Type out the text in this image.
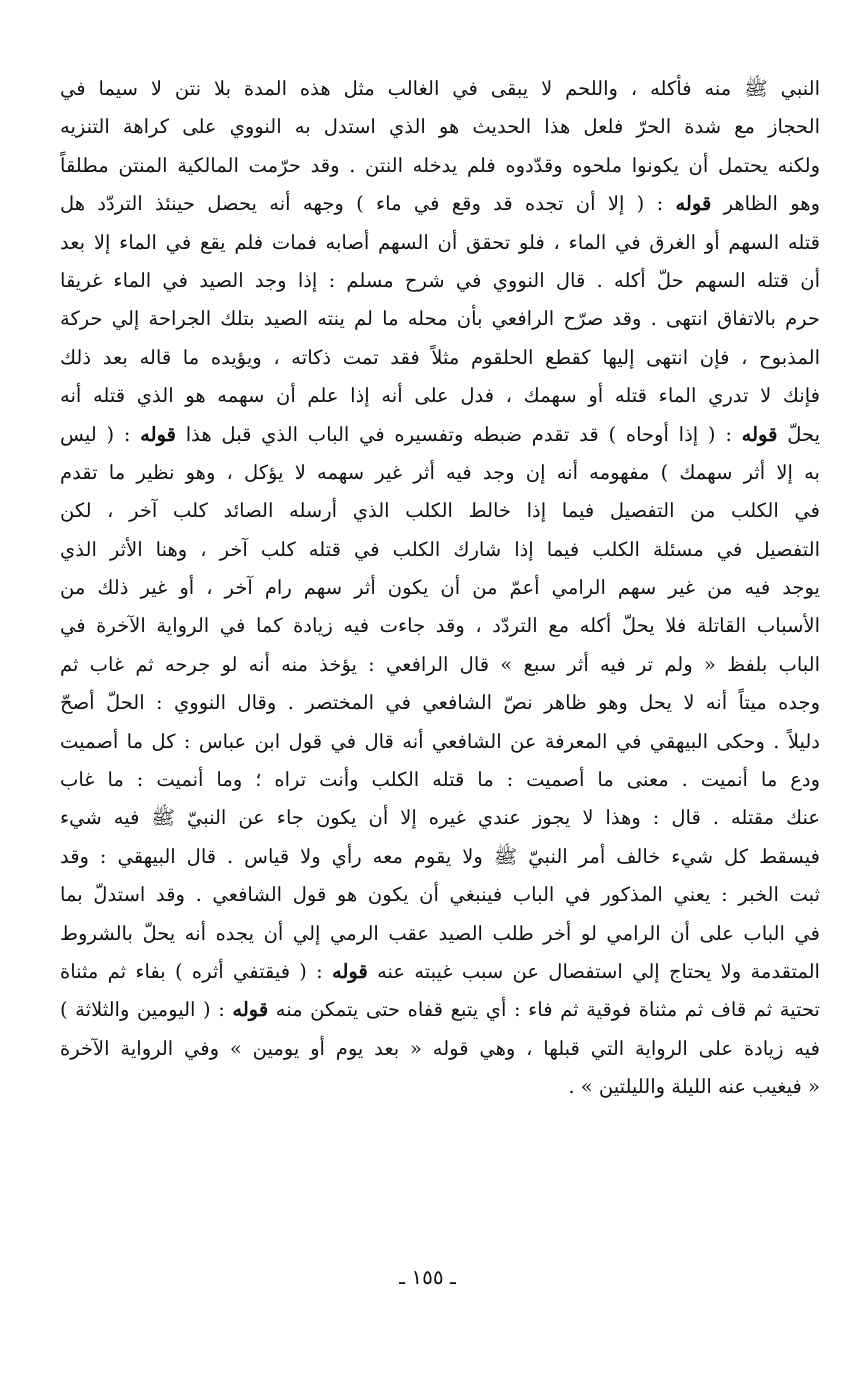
النبي ﷺ منه فأكله ، واللحم لا يبقى في الغالب مثل هذه المدة بلا نتن لا سيما في
الحجاز مع شدة الحرّ فلعل هذا الحديث هو الذي استدل به النووي على كراهة التنزيه
ولكنه يحتمل أن يكونوا ملحوه وقدّدوه فلم يدخله النتن . وقد حرّمت المالكية المنتن مطلقاً
وهو الظاهر قوله : ( إلا أن تجده قد وقع في ماء ) وجهه أنه يحصل حينئذ التردّد هل
قتله السهم أو الغرق في الماء ، فلو تحقق أن السهم أصابه فمات فلم يقع في الماء إلا بعد
أن قتله السهم حلّ أكله . قال النووي في شرح مسلم : إذا وجد الصيد في الماء غريقا
حرم بالاتفاق انتهى . وقد صرّح الرافعي بأن محله ما لم ينته الصيد بتلك الجراحة إلي حركة
المذبوح ، فإن انتهى إليها كقطع الحلقوم مثلاً فقد تمت ذكاته ، ويؤيده ما قاله بعد ذلك
فإنك لا تدري الماء قتله أو سهمك ، فدل على أنه إذا علم أن سهمه هو الذي قتله أنه
يحلّ قوله : ( إذا أوحاه ) قد تقدم ضبطه وتفسيره في الباب الذي قبل هذا قوله : ( ليس
به إلا أثر سهمك ) مفهومه أنه إن وجد فيه أثر غير سهمه لا يؤكل ، وهو نظير ما تقدم
في الكلب من التفصيل فيما إذا خالط الكلب الذي أرسله الصائد كلب آخر ، لكن
التفصيل في مسئلة الكلب فيما إذا شارك الكلب في قتله كلب آخر ، وهنا الأثر الذي
يوجد فيه من غير سهم الرامي أعمّ من أن يكون أثر سهم رام آخر ، أو غير ذلك من
الأسباب القاتلة فلا يحلّ أكله مع التردّد ، وقد جاءت فيه زيادة كما في الرواية الآخرة في
الباب بلفظ « ولم تر فيه أثر سبع » قال الرافعي : يؤخذ منه أنه لو جرحه ثم غاب ثم
وجده ميتاً أنه لا يحل وهو ظاهر نصّ الشافعي في المختصر . وقال النووي : الحلّ أصحّ
دليلاً . وحكى البيهقي في المعرفة عن الشافعي أنه قال في قول ابن عباس : كل ما أصميت
ودع ما أنميت . معنى ما أصميت : ما قتله الكلب وأنت تراه ؛ وما أنميت : ما غاب
عنك مقتله . قال : وهذا لا يجوز عندي غيره إلا أن يكون جاء عن النبيّ ﷺ فيه شيء
فيسقط كل شيء خالف أمر النبيّ ﷺ ولا يقوم معه رأي ولا قياس . قال البيهقي : وقد
ثبت الخبر : يعني المذكور في الباب فينبغي أن يكون هو قول الشافعي . وقد استدلّ بما
في الباب على أن الرامي لو أخر طلب الصيد عقب الرمي إلي أن يجده أنه يحلّ بالشروط
المتقدمة ولا يحتاج إلي استفصال عن سبب غيبته عنه قوله : ( فيقتفي أثره ) بفاء ثم مثناة
تحتية ثم قاف ثم مثناة فوقية ثم فاء : أي يتبع قفاه حتى يتمكن منه قوله : ( اليومين والثلاثة )
فيه زيادة على الرواية التي قبلها ، وهي قوله « بعد يوم أو يومين » وفي الرواية الآخرة
« فيغيب عنه الليلة والليلتين » .
ـ ١٥٥ ـ
